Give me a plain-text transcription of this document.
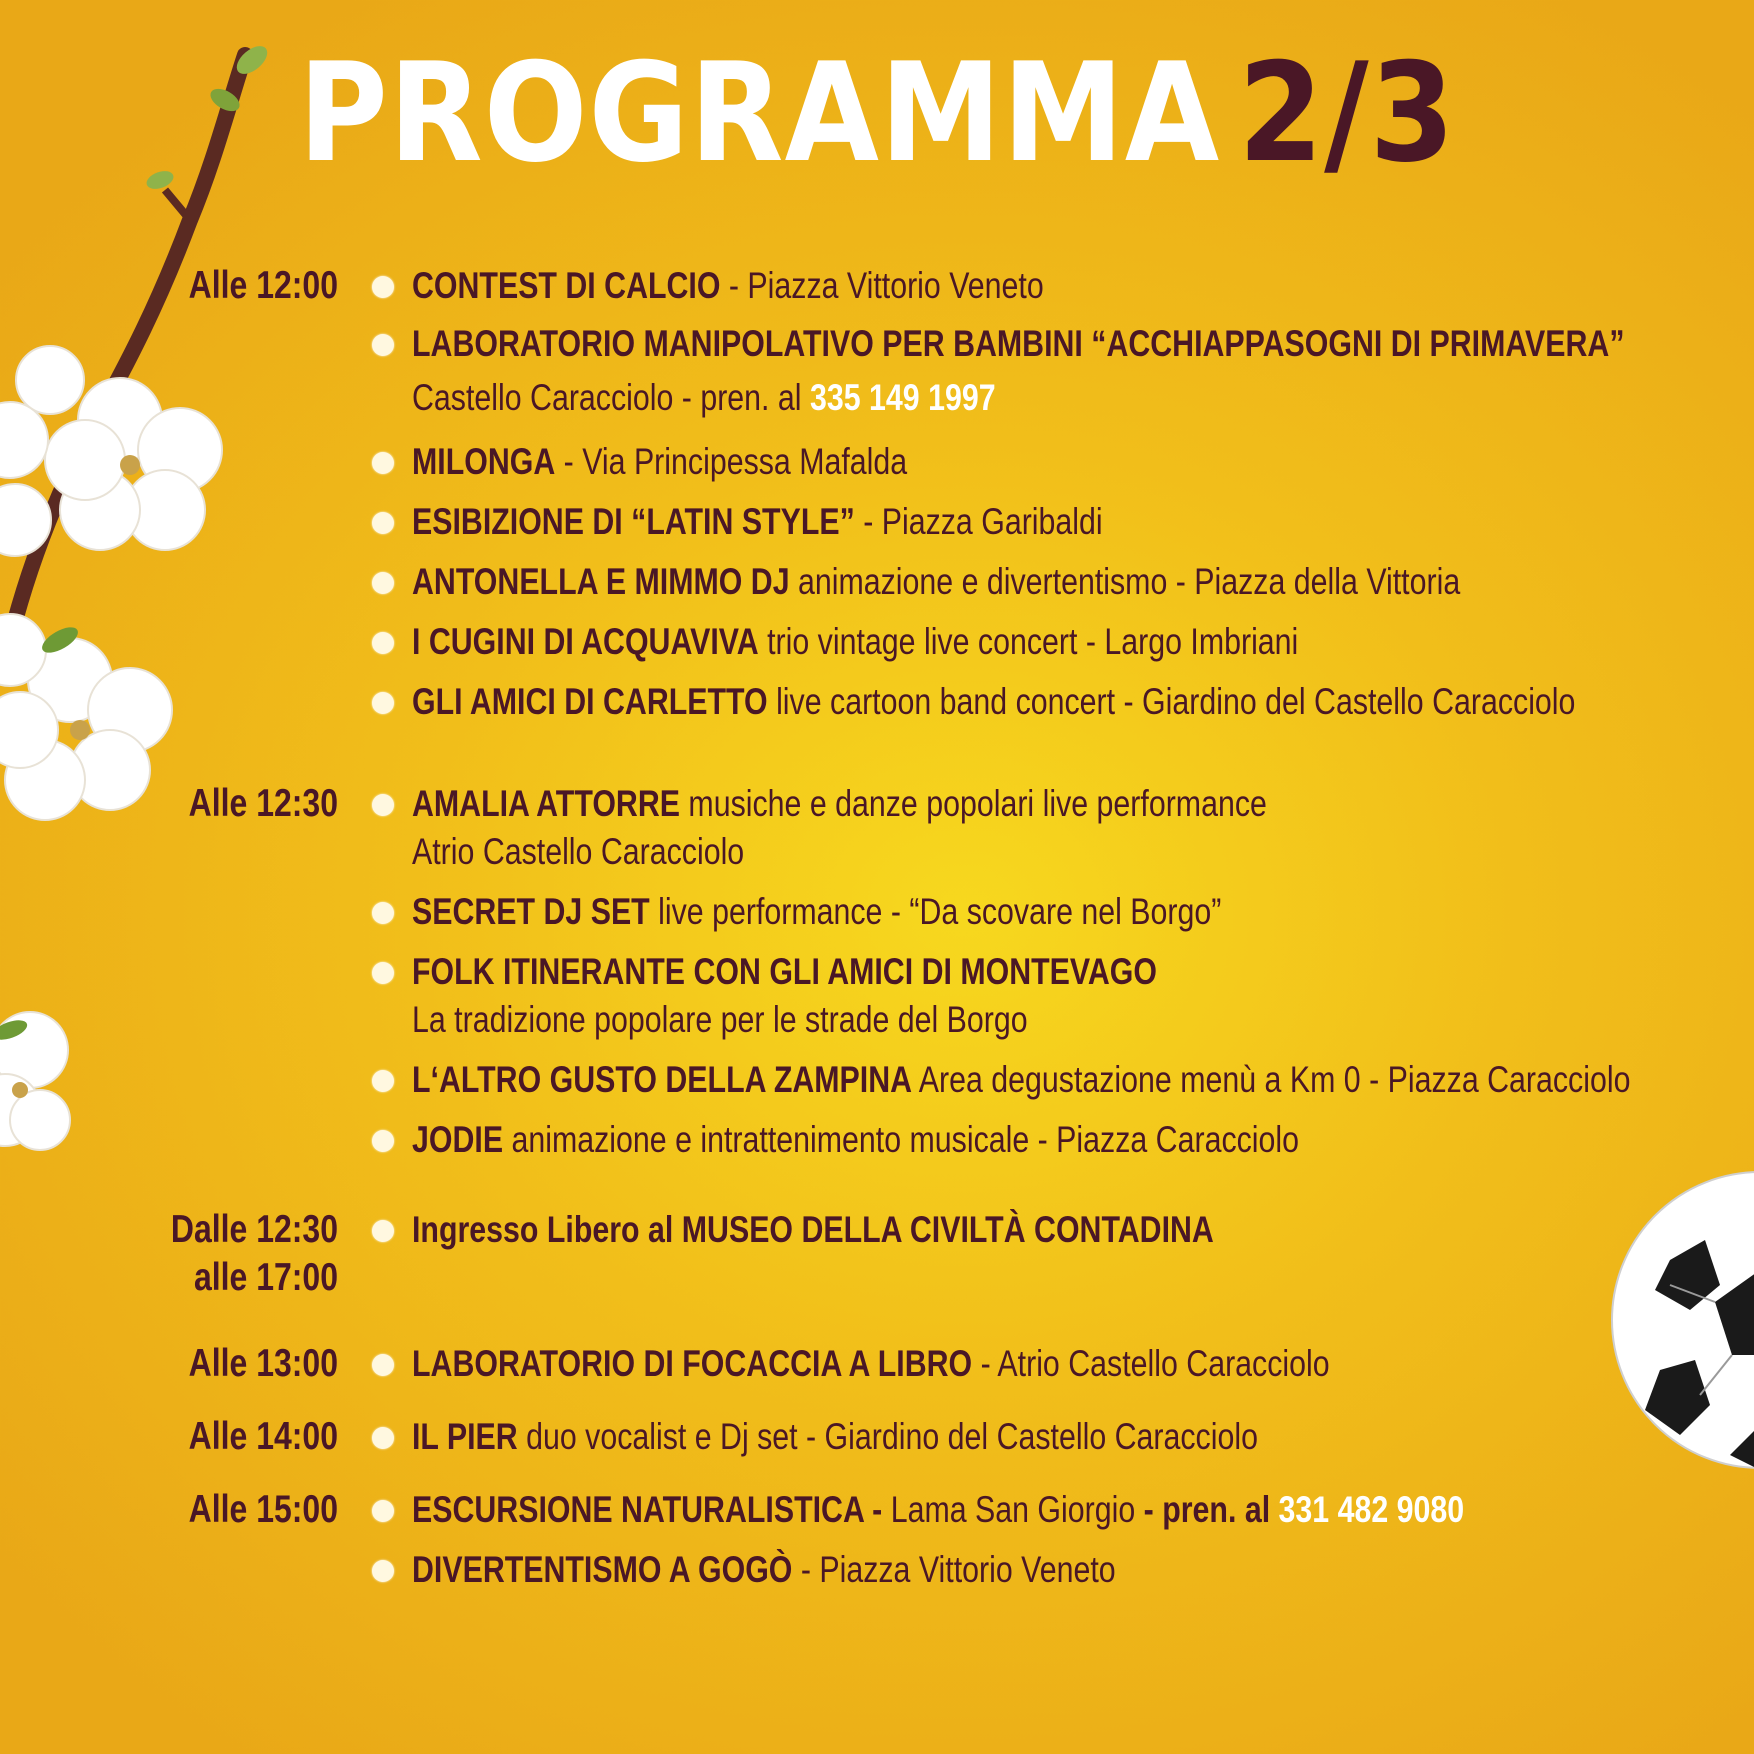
PROGRAMMA 2/3
Alle 12:00 CONTEST DI CALCIO - Piazza Vittorio Veneto
LABORATORIO MANIPOLATIVO PER BAMBINI “ACCHIAPPASOGNI DI PRIMAVERA”
Castello Caracciolo - pren. al 335 149 1997
MILONGA - Via Principessa Mafalda
ESIBIZIONE DI “LATIN STYLE” - Piazza Garibaldi
ANTONELLA E MIMMO DJ animazione e divertentismo - Piazza della Vittoria
I CUGINI DI ACQUAVIVA trio vintage live concert - Largo Imbriani
GLI AMICI DI CARLETTO live cartoon band concert - Giardino del Castello Caracciolo
Alle 12:30 AMALIA ATTORRE musiche e danze popolari live performance
Atrio Castello Caracciolo
SECRET DJ SET live performance - “Da scovare nel Borgo”
FOLK ITINERANTE CON GLI AMICI DI MONTEVAGO
La tradizione popolare per le strade del Borgo
L‘ALTRO GUSTO DELLA ZAMPINA Area degustazione menù a Km 0 - Piazza Caracciolo
JODIE animazione e intrattenimento musicale - Piazza Caracciolo
Dalle 12:30
alle 17:00
Ingresso Libero al MUSEO DELLA CIVILTÀ CONTADINA
Alle 13:00 LABORATORIO DI FOCACCIA A LIBRO - Atrio Castello Caracciolo
Alle 14:00 IL PIER duo vocalist e Dj set - Giardino del Castello Caracciolo
Alle 15:00 ESCURSIONE NATURALISTICA - Lama San Giorgio - pren. al 331 482 9080
DIVERTENTISMO A GOGÒ - Piazza Vittorio Veneto
